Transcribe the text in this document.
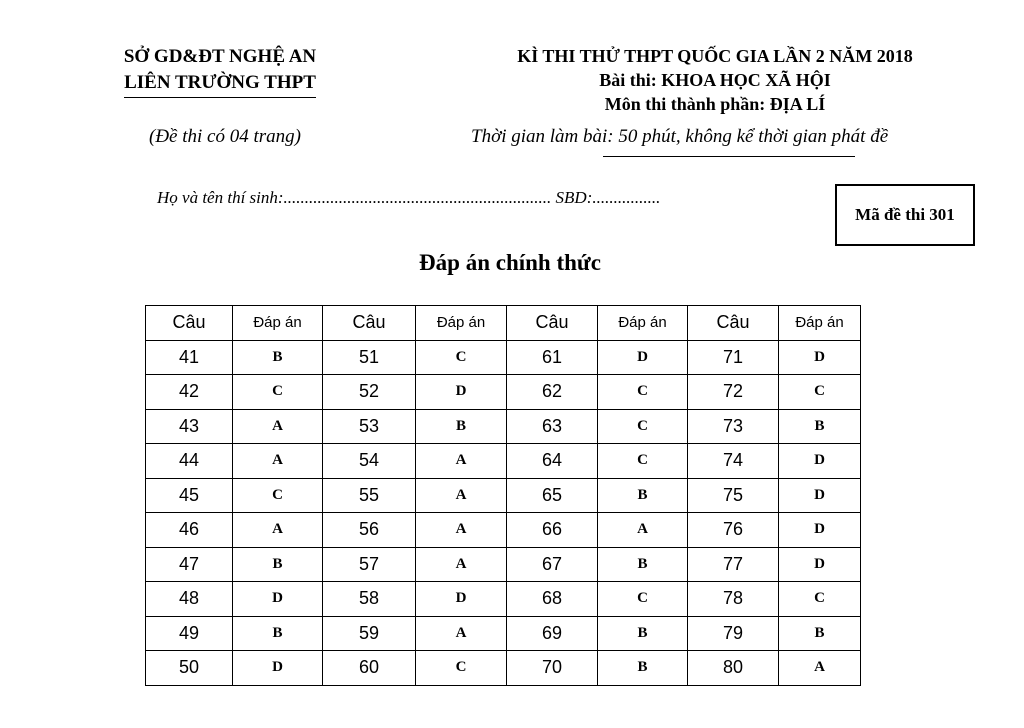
SỞ GD&ĐT NGHỆ AN
LIÊN TRƯỜNG THPT
KÌ THI THỬ THPT QUỐC GIA LẦN 2 NĂM 2018
Bài thi: KHOA HỌC XÃ HỘI
Môn thi thành phần: ĐỊA LÍ
(Đề thi có 04 trang)	Thời gian làm bài: 50 phút, không kể thời gian phát đề
Họ và tên thí sinh:............................................................... SBD:................
Mã đề thi 301
Đáp án chính thức
Câu	Đáp án	Câu	Đáp án	Câu	Đáp án	Câu	Đáp án
41	B	51	C	61	D	71	D
42	C	52	D	62	C	72	C
43	A	53	B	63	C	73	B
44	A	54	A	64	C	74	D
45	C	55	A	65	B	75	D
46	A	56	A	66	A	76	D
47	B	57	A	67	B	77	D
48	D	58	D	68	C	78	C
49	B	59	A	69	B	79	B
50	D	60	C	70	B	80	A
